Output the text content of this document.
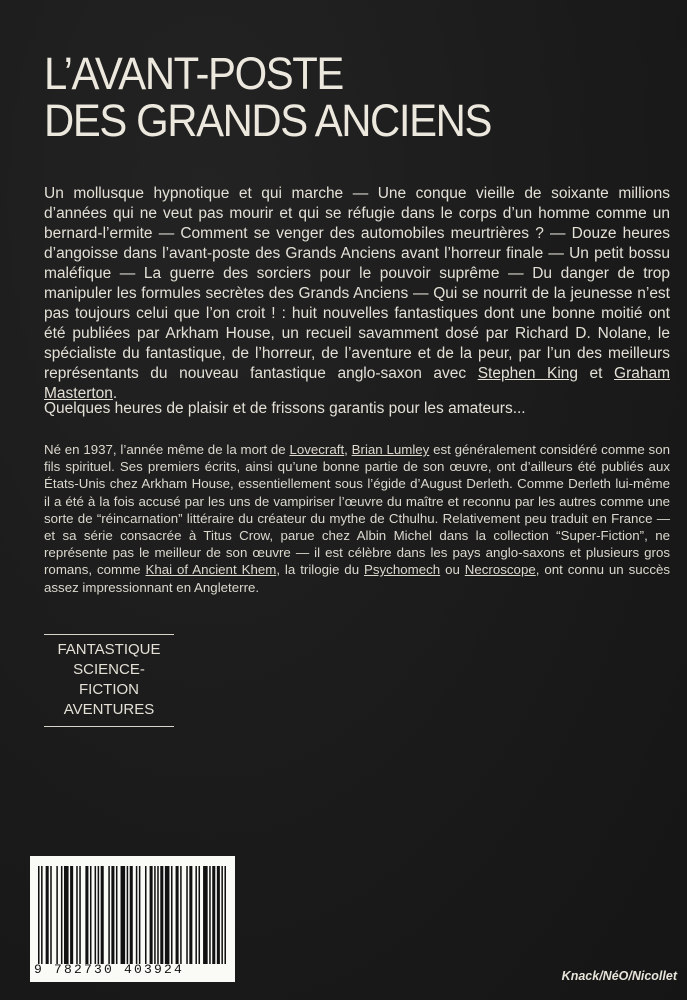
L’AVANT-POSTE
DES GRANDS ANCIENS

Un mollusque hypnotique et qui marche — Une conque vieille de soixante millions d’années qui ne veut pas mourir et qui se réfugie dans le corps d’un homme comme un bernard-l’ermite — Comment se venger des automobiles meurtrières ? — Douze heures d’angoisse dans l’avant-poste des Grands Anciens avant l’horreur finale — Un petit bossu maléfique — La guerre des sorciers pour le pouvoir suprême — Du danger de trop manipuler les formules secrètes des Grands Anciens — Qui se nourrit de la jeunesse n’est pas toujours celui que l’on croit ! : huit nouvelles fantastiques dont une bonne moitié ont été publiées par Arkham House, un recueil savamment dosé par Richard D. Nolane, le spécialiste du fantastique, de l’horreur, de l’aventure et de la peur, par l’un des meilleurs représentants du nouveau fantastique anglo-saxon avec Stephen King et Graham Masterton.

Quelques heures de plaisir et de frissons garantis pour les amateurs...
Né en 1937, l’année même de la mort de Lovecraft, Brian Lumley est généralement considéré comme son fils spirituel. Ses premiers écrits, ainsi qu’une bonne partie de son œuvre, ont d’ailleurs été publiés aux États-Unis chez Arkham House, essentiellement sous l’égide d’August Derleth. Comme Derleth lui-même il a été à la fois accusé par les uns de vampiriser l’œuvre du maître et reconnu par les autres comme une sorte de “réincarnation” littéraire du créateur du mythe de Cthulhu. Relativement peu traduit en France — et sa série consacrée à Titus Crow, parue chez Albin Michel dans la collection “Super-Fiction”, ne représente pas le meilleur de son œuvre — il est célèbre dans les pays anglo-saxons et plusieurs gros romans, comme Khai of Ancient Khem, la trilogie du Psychomech ou Necroscope, ont connu un succès assez impressionnant en Angleterre.
FANTASTIQUE
SCIENCE-FICTION
AVENTURES
9 782730 403924	Knack/NéO/Nicollet
